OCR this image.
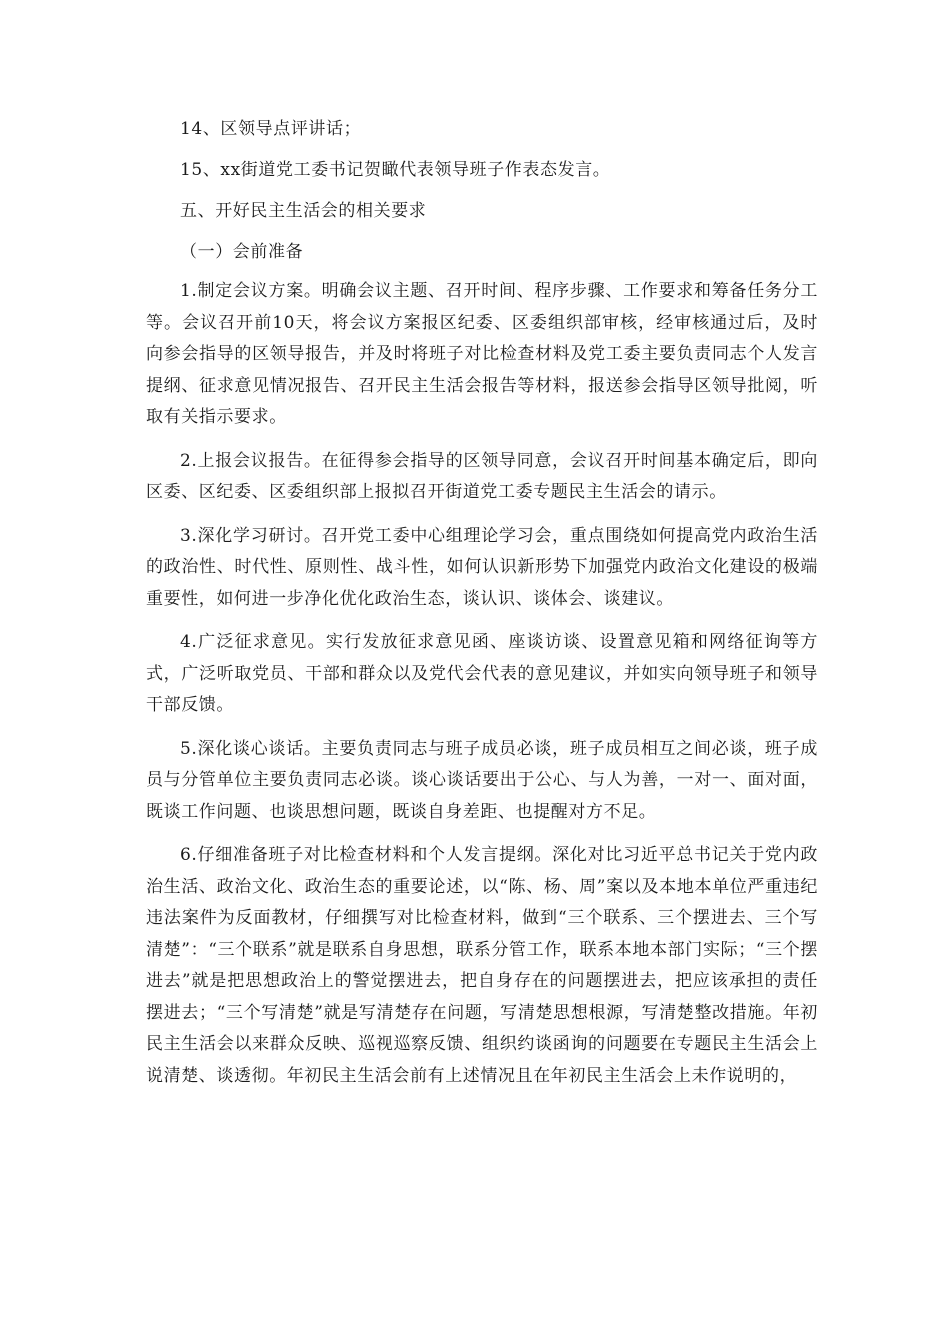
14、区领导点评讲话；

15、xx街道党工委书记贺瞰代表领导班子作表态发言。

五、开好民主生活会的相关要求

（一）会前准备

1.制定会议方案。明确会议主题、召开时间、程序步骤、工作要求和筹备任务分工等。会议召开前10天，将会议方案报区纪委、区委组织部审核，经审核通过后，及时向参会指导的区领导报告，并及时将班子对比检查材料及党工委主要负责同志个人发言提纲、征求意见情况报告、召开民主生活会报告等材料，报送参会指导区领导批阅，听取有关指示要求。

2.上报会议报告。在征得参会指导的区领导同意，会议召开时间基本确定后，即向区委、区纪委、区委组织部上报拟召开街道党工委专题民主生活会的请示。

3.深化学习研讨。召开党工委中心组理论学习会，重点围绕如何提高党内政治生活的政治性、时代性、原则性、战斗性，如何认识新形势下加强党内政治文化建设的极端重要性，如何进一步净化优化政治生态，谈认识、谈体会、谈建议。

4.广泛征求意见。实行发放征求意见函、座谈访谈、设置意见箱和网络征询等方式，广泛听取党员、干部和群众以及党代会代表的意见建议，并如实向领导班子和领导干部反馈。

5.深化谈心谈话。主要负责同志与班子成员必谈，班子成员相互之间必谈，班子成员与分管单位主要负责同志必谈。谈心谈话要出于公心、与人为善，一对一、面对面，既谈工作问题、也谈思想问题，既谈自身差距、也提醒对方不足。

6.仔细准备班子对比检查材料和个人发言提纲。深化对比习近平总书记关于党内政治生活、政治文化、政治生态的重要论述，以“陈、杨、周”案以及本地本单位严重违纪违法案件为反面教材，仔细撰写对比检查材料，做到“三个联系、三个摆进去、三个写清楚”：“三个联系”就是联系自身思想，联系分管工作，联系本地本部门实际；“三个摆进去”就是把思想政治上的警觉摆进去，把自身存在的问题摆进去，把应该承担的责任摆进去；“三个写清楚”就是写清楚存在问题，写清楚思想根源，写清楚整改措施。年初民主生活会以来群众反映、巡视巡察反馈、组织约谈函询的问题要在专题民主生活会上说清楚、谈透彻。年初民主生活会前有上述情况且在年初民主生活会上未作说明的，
